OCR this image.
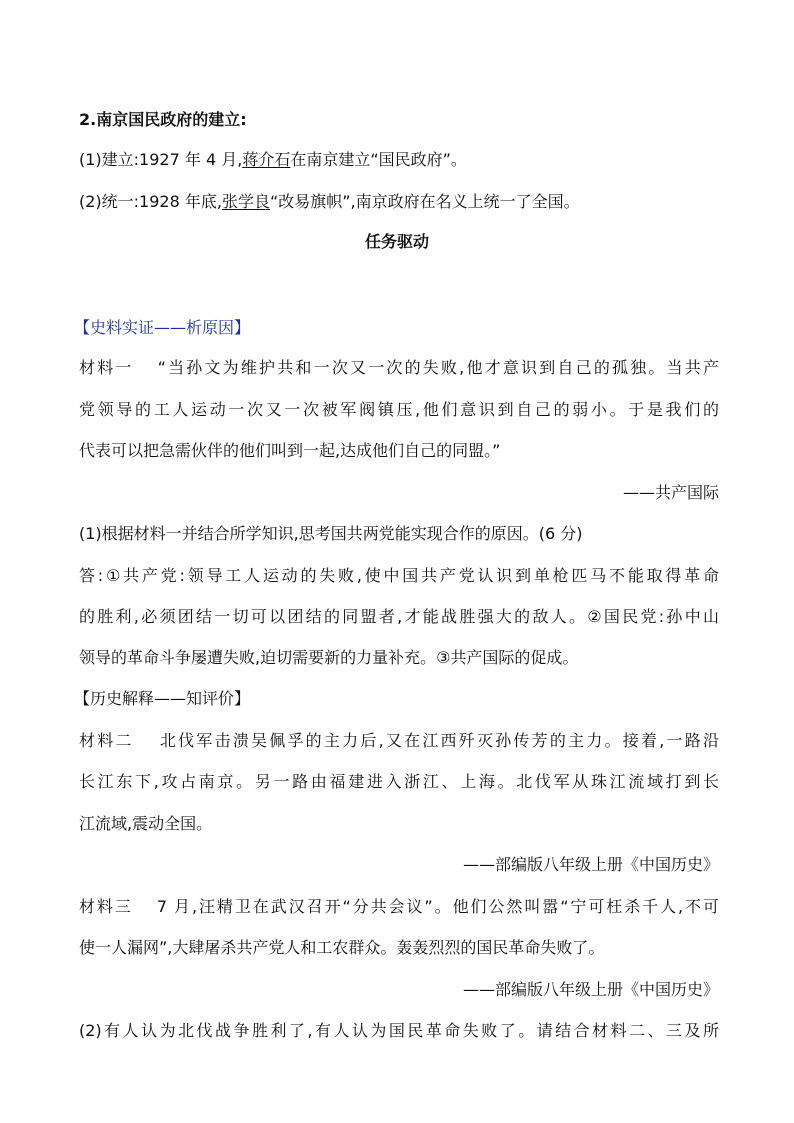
2.南京国民政府的建立:
(1)建立:1927 年 4 月,蒋介石在南京建立“国民政府”。
(2)统一:1928 年底,张学良“改易旗帜”,南京政府在名义上统一了全国。
任务驱动
【史料实证——析原因】
材料一 “当孙文为维护共和一次又一次的失败,他才意识到自己的孤独。当共产
党领导的工人运动一次又一次被军阀镇压,他们意识到自己的弱小。于是我们的
代表可以把急需伙伴的他们叫到一起,达成他们自己的同盟。”
——共产国际
(1)根据材料一并结合所学知识,思考国共两党能实现合作的原因。(6 分)
答:①共产党:领导工人运动的失败,使中国共产党认识到单枪匹马不能取得革命
的胜利,必须团结一切可以团结的同盟者,才能战胜强大的敌人。②国民党:孙中山
领导的革命斗争屡遭失败,迫切需要新的力量补充。③共产国际的促成。
【历史解释——知评价】
材料二 北伐军击溃吴佩孚的主力后,又在江西歼灭孙传芳的主力。接着,一路沿
长江东下,攻占南京。另一路由福建进入浙江、上海。北伐军从珠江流域打到长
江流域,震动全国。
——部编版八年级上册《中国历史》
材料三 7 月,汪精卫在武汉召开“分共会议”。他们公然叫嚣“宁可枉杀千人,不可
使一人漏网”,大肆屠杀共产党人和工农群众。轰轰烈烈的国民革命失败了。
——部编版八年级上册《中国历史》
(2)有人认为北伐战争胜利了,有人认为国民革命失败了。请结合材料二、三及所
